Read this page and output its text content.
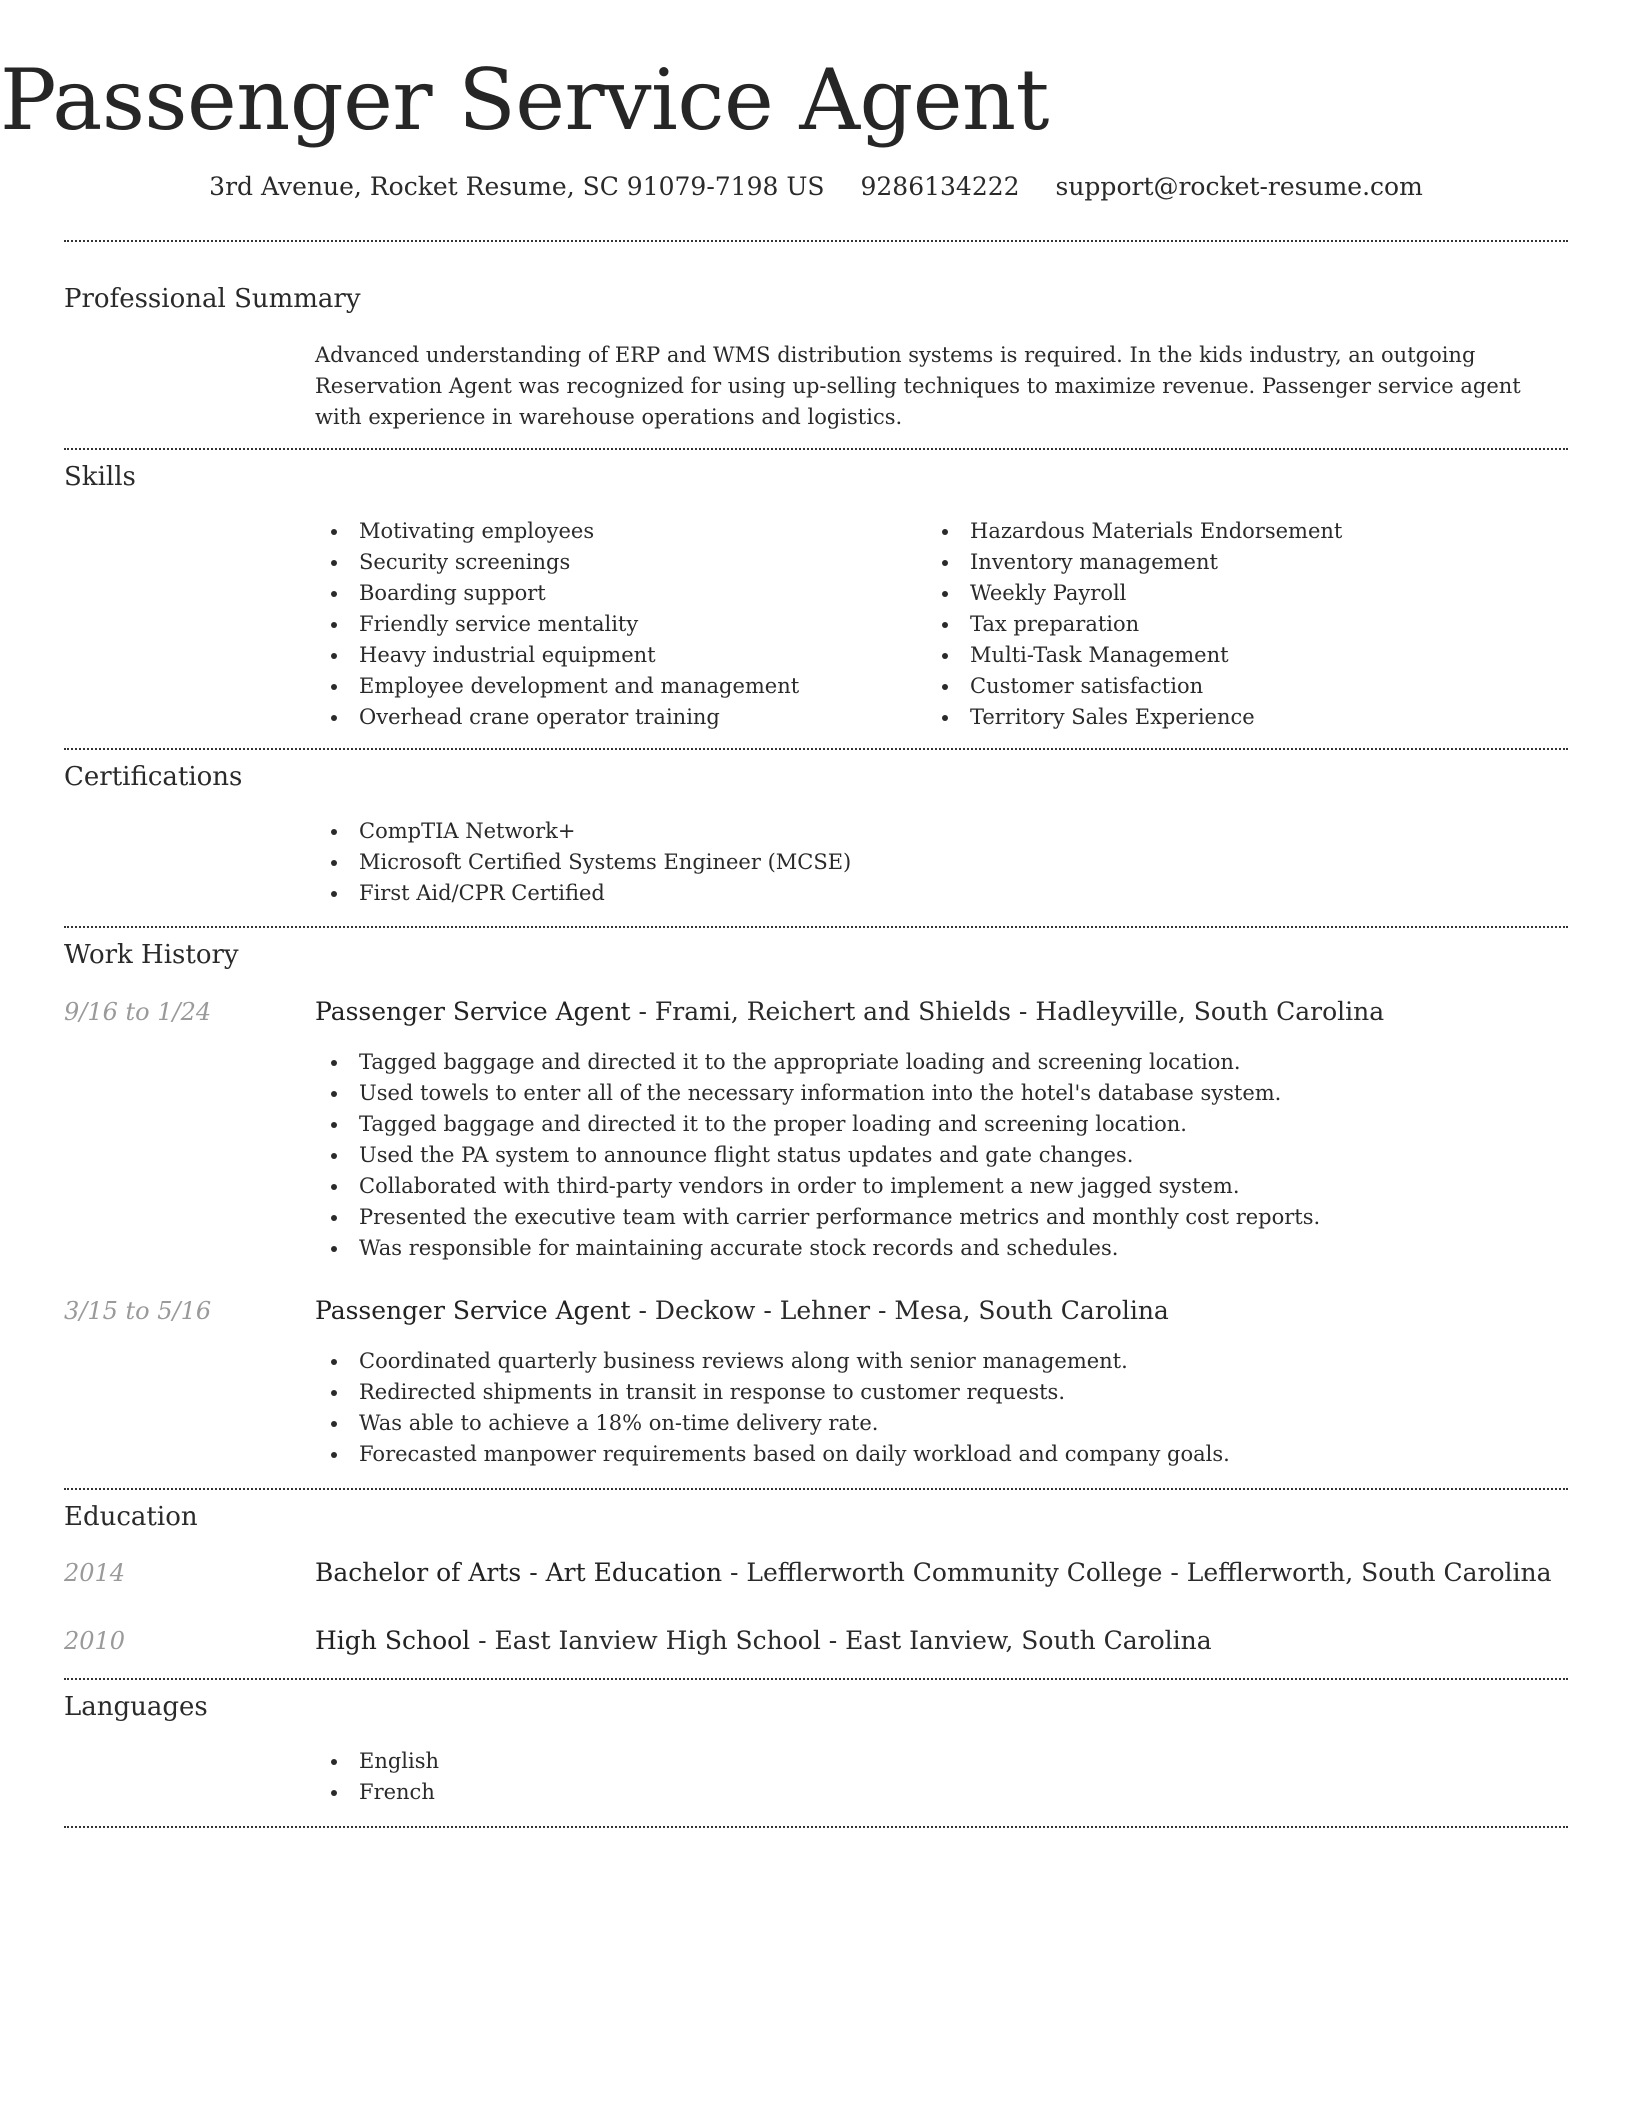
Passenger Service Agent
3rd Avenue, Rocket Resume, SC 91079-7198 US 9286134222 support@rocket-resume.com
Professional Summary
Advanced understanding of ERP and WMS distribution systems is required. In the kids industry, an outgoing Reservation Agent was recognized for using up-selling techniques to maximize revenue. Passenger service agent with experience in warehouse operations and logistics.
Skills
Motivating employees
Security screenings
Boarding support
Friendly service mentality
Heavy industrial equipment
Employee development and management
Overhead crane operator training
Hazardous Materials Endorsement
Inventory management
Weekly Payroll
Tax preparation
Multi-Task Management
Customer satisfaction
Territory Sales Experience
Certifications
CompTIA Network+
Microsoft Certified Systems Engineer (MCSE)
First Aid/CPR Certified
Work History
9/16 to 1/24	Passenger Service Agent - Frami, Reichert and Shields - Hadleyville, South Carolina
Tagged baggage and directed it to the appropriate loading and screening location.
Used towels to enter all of the necessary information into the hotel's database system.
Tagged baggage and directed it to the proper loading and screening location.
Used the PA system to announce flight status updates and gate changes.
Collaborated with third-party vendors in order to implement a new jagged system.
Presented the executive team with carrier performance metrics and monthly cost reports.
Was responsible for maintaining accurate stock records and schedules.
3/15 to 5/16	Passenger Service Agent - Deckow - Lehner - Mesa, South Carolina
Coordinated quarterly business reviews along with senior management.
Redirected shipments in transit in response to customer requests.
Was able to achieve a 18% on-time delivery rate.
Forecasted manpower requirements based on daily workload and company goals.
Education
2014	Bachelor of Arts - Art Education - Lefflerworth Community College - Lefflerworth, South Carolina
2010	High School - East Ianview High School - East Ianview, South Carolina
Languages
English
French
